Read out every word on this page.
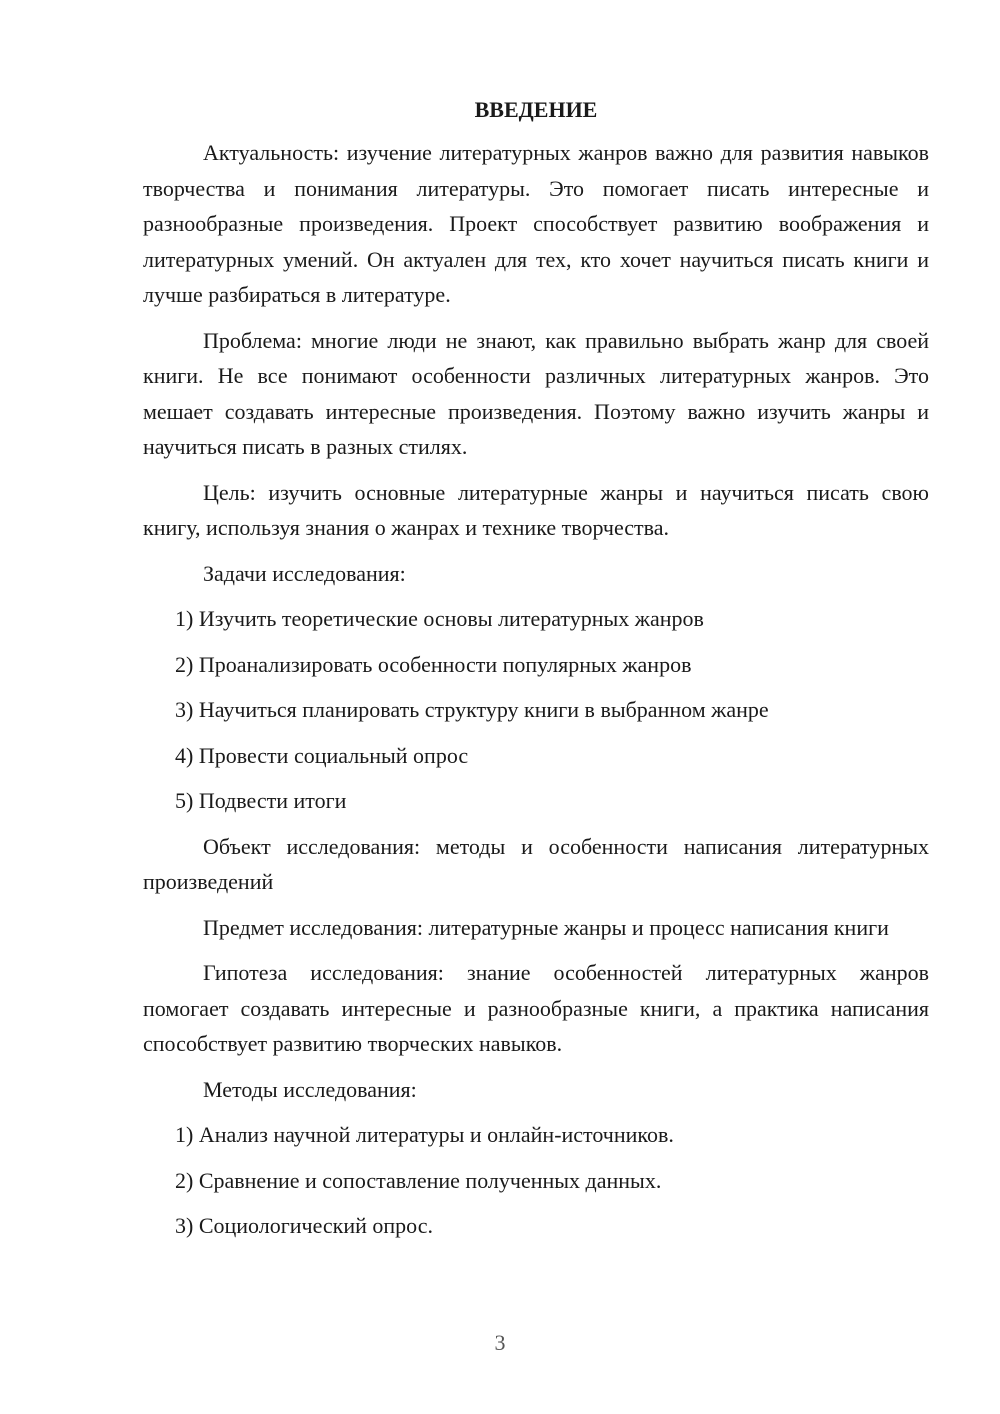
ВВЕДЕНИЕ

Актуальность: изучение литературных жанров важно для развития навыков творчества и понимания литературы. Это помогает писать интересные и разнообразные произведения. Проект способствует развитию воображения и литературных умений. Он актуален для тех, кто хочет научиться писать книги и лучше разбираться в литературе.

Проблема: многие люди не знают, как правильно выбрать жанр для своей книги. Не все понимают особенности различных литературных жанров. Это мешает создавать интересные произведения. Поэтому важно изучить жанры и научиться писать в разных стилях.

Цель: изучить основные литературные жанры и научиться писать свою книгу, используя знания о жанрах и технике творчества.

Задачи исследования:

1) Изучить теоретические основы литературных жанров

2) Проанализировать особенности популярных жанров

3) Научиться планировать структуру книги в выбранном жанре

4) Провести социальный опрос

5) Подвести итоги

Объект исследования: методы и особенности написания литературных произведений

Предмет исследования: литературные жанры и процесс написания книги

Гипотеза исследования: знание особенностей литературных жанров помогает создавать интересные и разнообразные книги, а практика написания способствует развитию творческих навыков.

Методы исследования:

1) Анализ научной литературы и онлайн-источников.

2) Сравнение и сопоставление полученных данных.

3) Социологический опрос.

3
